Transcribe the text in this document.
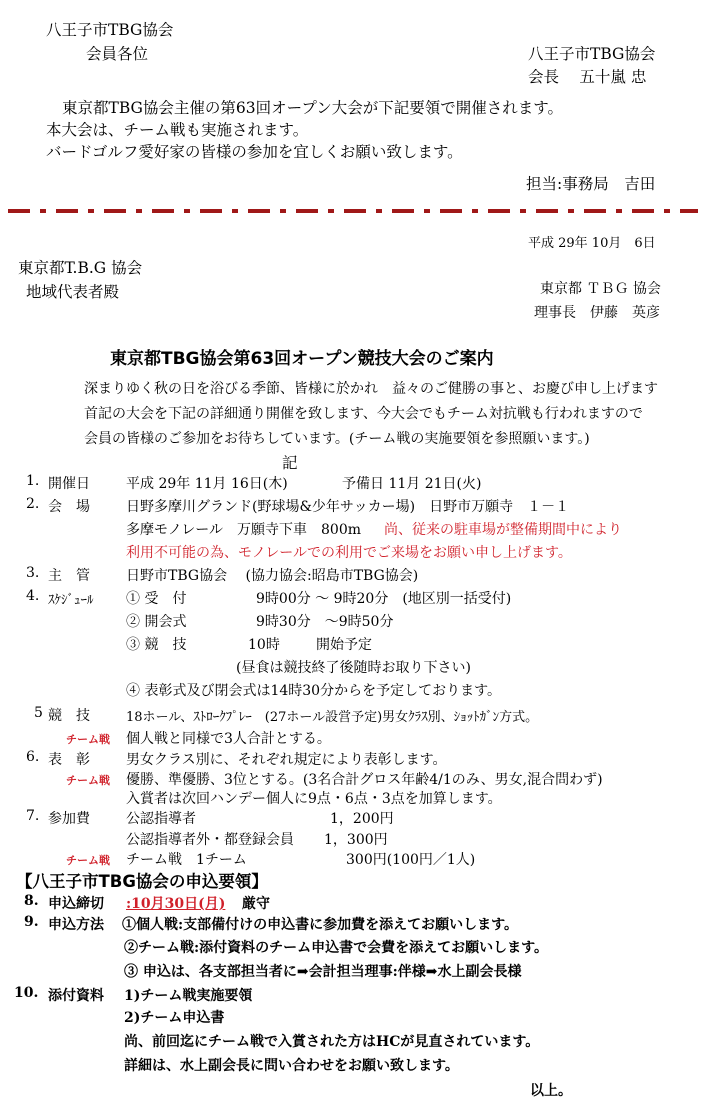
八王子市TBG協会
会員各位	八王子市TBG協会
会長　 五十嵐 忠
東京都TBG協会主催の第63回オープン大会が下記要領で開催されます。
本大会は、チーム戦も実施されます。
バードゴルフ愛好家の皆様の参加を宜しくお願い致します。
担当:事務局　吉田
平成 29年 10月　6日
東京都T.B.G 協会
地域代表者殿	東京都 ＴＢＧ 協会
理事長　伊藤　英彦
東京都TBG協会第63回オープン競技大会のご案内
深まりゆく秋の日を浴びる季節、皆様に於かれ　益々のご健勝の事と、お慶び申し上げます
首記の大会を下記の詳細通り開催を致します、今大会でもチーム対抗戦も行われますので
会員の皆様のご参加をお待ちしています。(チーム戦の実施要領を参照願います。)
記
1. 開催日	平成 29年 11月 16日(木)	予備日 11月 21日(火)
2. 会　場	日野多摩川グランド(野球場&少年サッカー場)　日野市万願寺　１－１
多摩モノレール　万願寺下車　800m 尚、従来の駐車場が整備期間中により
利用不可能の為、モノレールでの利用でご来場をお願い申し上げます。
3. 主　管	日野市TBG協会　 (協力協会:昭島市TBG協会)
4. ｽｹｼﾞｭｰﾙ ① 受　付	9時00分 ～ 9時20分　(地区別一括受付)
② 開会式	9時30分　～9時50分
③ 競　技	10時	開始予定
(昼食は競技終了後随時お取り下さい)
④ 表彰式及び閉会式は14時30分からを予定しております。
5 競　技	18ホール、ｽﾄﾛｰｸﾌﾟﾚｰ　(27ホール設営予定)男女ｸﾗｽ別、ｼｮｯﾄｶﾞﾝ方式。
チーム戦 個人戦と同様で3人合計とする。
6. 表　彰	男女クラス別に、それぞれ規定により表彰します。
チーム戦 優勝、準優勝、3位とする。(3名合計グロス年齢4/1のみ、男女,混合問わず)
入賞者は次回ハンデー個人に9点・6点・3点を加算します。
7. 参加費	公認指導者	1，200円
公認指導者外・都登録会員 1，300円
チーム戦 チーム戦　1チーム	300円(100円／1人)
【八王子市TBG協会の申込要領】
8. 申込締切 :10月30日(月) 厳守
9. 申込方法 ①個人戦:支部備付けの申込書に参加費を添えてお願いします。
②チーム戦:添付資料のチーム申込書で会費を添えてお願いします。
③ 申込は、各支部担当者に➡会計担当理事:伴様➡水上副会長様
10. 添付資料 1)チーム戦実施要領
2)チーム申込書
尚、前回迄にチーム戦で入賞された方はHCが見直されています。
詳細は、水上副会長に問い合わせをお願い致します。
以上。
